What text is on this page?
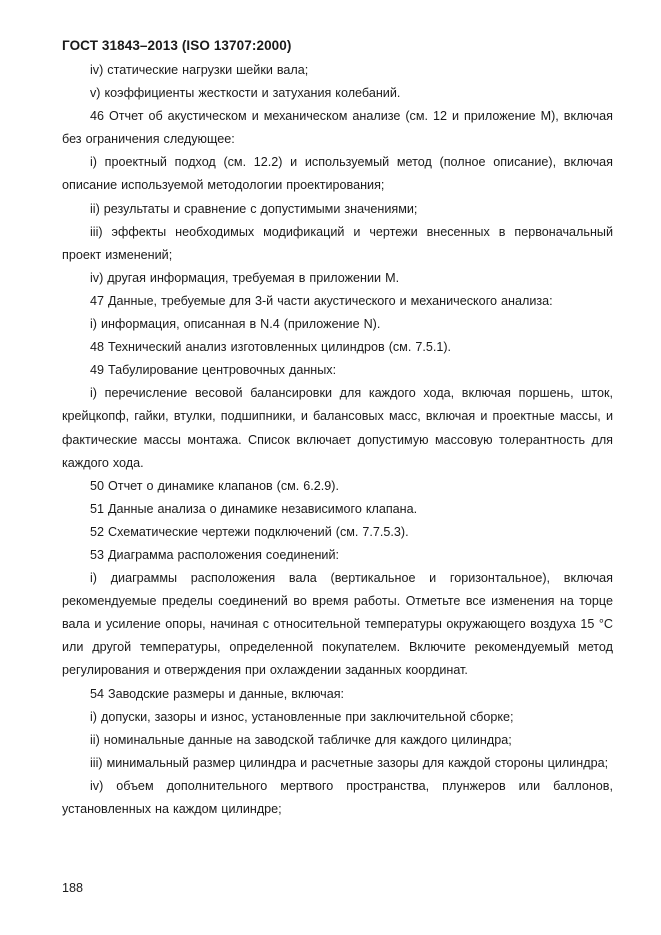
ГОСТ 31843–2013 (ISO 13707:2000)

iv) статические нагрузки шейки вала;

v) коэффициенты жесткости и затухания колебаний.

46 Отчет об акустическом и механическом анализе (см. 12 и приложение М), включая без ограничения следующее:

i) проектный подход (см. 12.2) и используемый метод (полное описание), включая описание используемой методологии проектирования;

ii) результаты и сравнение с допустимыми значениями;

iii) эффекты необходимых модификаций и чертежи внесенных в первоначальный проект изменений;

iv) другая информация, требуемая в приложении М.

47 Данные, требуемые для 3-й части акустического и механического анализа:

i) информация, описанная в N.4 (приложение N).

48 Технический анализ изготовленных цилиндров (см. 7.5.1).

49 Табулирование центровочных данных:

i) перечисление весовой балансировки для каждого хода, включая поршень, шток, крейцкопф, гайки, втулки, подшипники, и балансовых масс, включая и проектные массы, и фактические массы монтажа. Список включает допустимую массовую толерантность для каждого хода.

50 Отчет о динамике клапанов (см. 6.2.9).

51 Данные анализа о динамике независимого клапана.

52 Схематические чертежи подключений (см. 7.7.5.3).

53 Диаграмма расположения соединений:

i) диаграммы расположения вала (вертикальное и горизонтальное), включая рекомендуемые пределы соединений во время работы. Отметьте все изменения на торце вала и усиление опоры, начиная с относительной температуры окружающего воздуха 15 °С или другой температуры, определенной покупателем. Включите рекомендуемый метод регулирования и отверждения при охлаждении заданных координат.

54 Заводские размеры и данные, включая:

i) допуски, зазоры и износ, установленные при заключительной сборке;

ii) номинальные данные на заводской табличке для каждого цилиндра;

iii) минимальный размер цилиндра и расчетные зазоры для каждой стороны цилиндра;

iv) объем дополнительного мертвого пространства, плунжеров или баллонов, установленных на каждом цилиндре;

188
